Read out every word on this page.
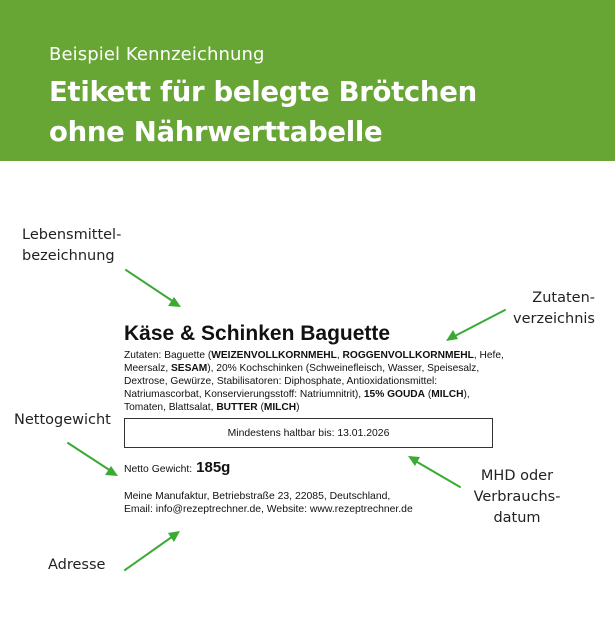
Beispiel Kennzeichnung
Etikett für belegte Brötchen
ohne Nährwerttabelle
Lebensmittel-
bezeichnung
Zutaten-
verzeichnis
Nettogewicht
MHD oder
Verbrauchs-
datum
Adresse
Käse & Schinken Baguette
Zutaten: Baguette (WEIZENVOLLKORNMEHL, ROGGENVOLLKORNMEHL, Hefe, Meersalz, SESAM), 20% Kochschinken (Schweinefleisch, Wasser, Speisesalz, Dextrose, Gewürze, Stabilisatoren: Diphosphate, Antioxidationsmittel: Natriumascorbat, Konservierungsstoff: Natriumnitrit), 15% GOUDA (MILCH), Tomaten, Blattsalat, BUTTER (MILCH)
Mindestens haltbar bis: 13.01.2026
Netto Gewicht: 185g
Meine Manufaktur, Betriebstraße 23, 22085, Deutschland,
Email: info@rezeptrechner.de, Website: www.rezeptrechner.de
